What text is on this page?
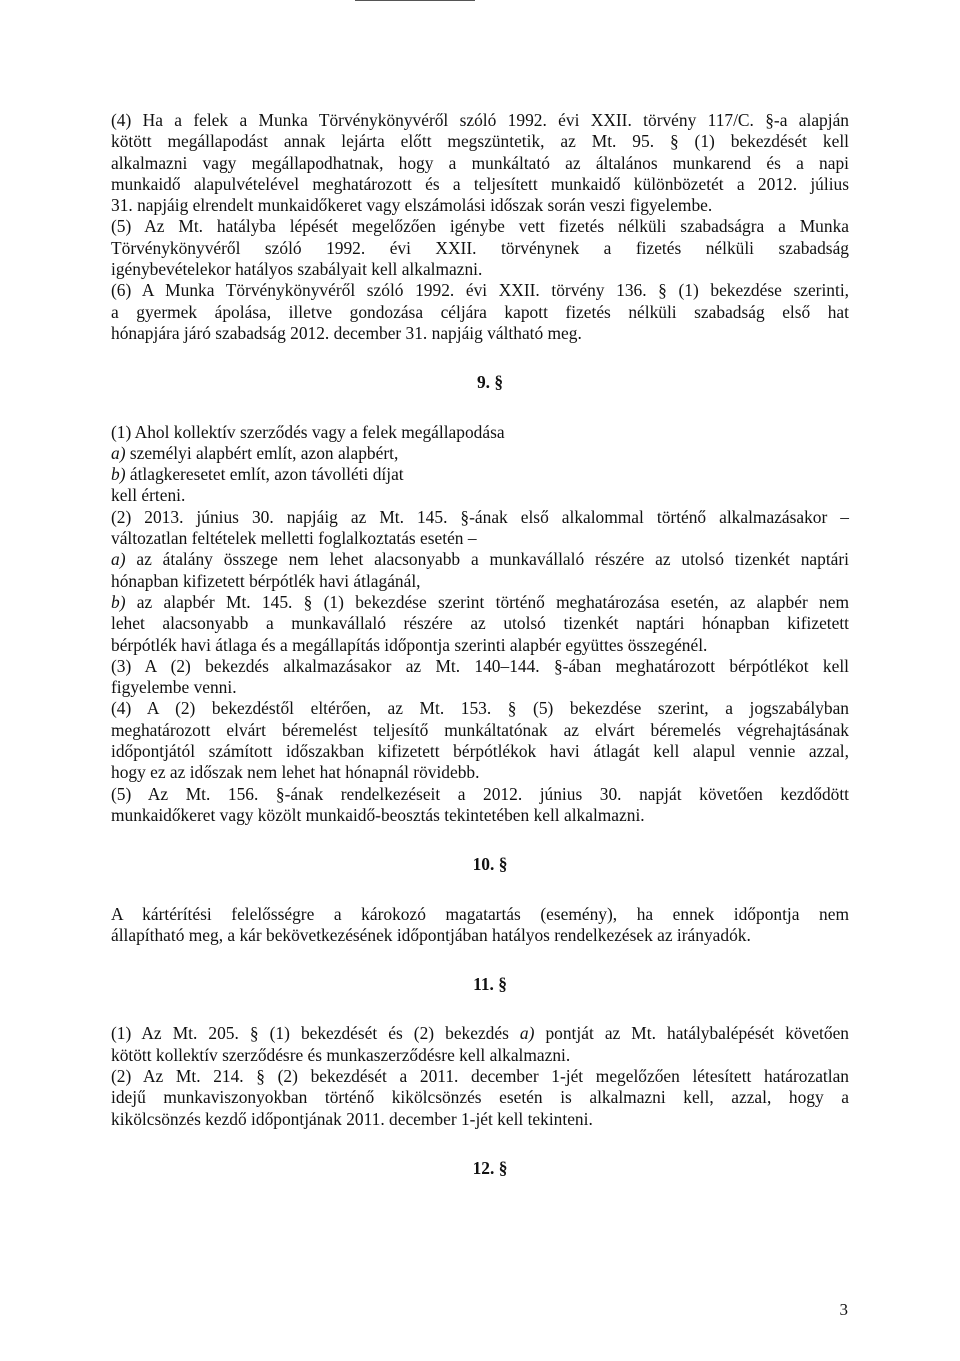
(4) Ha a felek a Munka Törvénykönyvéről szóló 1992. évi XXII. törvény 117/C. §-a alapján
kötött megállapodást annak lejárta előtt megszüntetik, az Mt. 95. § (1) bekezdését kell
alkalmazni vagy megállapodhatnak, hogy a munkáltató az általános munkarend és a napi
munkaidő alapulvételével meghatározott és a teljesített munkaidő különbözetét a 2012. július
31. napjáig elrendelt munkaidőkeret vagy elszámolási időszak során veszi figyelembe.
(5) Az Mt. hatályba lépését megelőzően igénybe vett fizetés nélküli szabadságra a Munka
Törvénykönyvéről szóló 1992. évi XXII. törvénynek a fizetés nélküli szabadság
igénybevételekor hatályos szabályait kell alkalmazni.
(6) A Munka Törvénykönyvéről szóló 1992. évi XXII. törvény 136. § (1) bekezdése szerinti,
a gyermek ápolása, illetve gondozása céljára kapott fizetés nélküli szabadság első hat
hónapjára járó szabadság 2012. december 31. napjáig váltható meg.
9. §
(1) Ahol kollektív szerződés vagy a felek megállapodása
a) személyi alapbért említ, azon alapbért,
b) átlagkeresetet említ, azon távolléti díjat
kell érteni.
(2) 2013. június 30. napjáig az Mt. 145. §-ának első alkalommal történő alkalmazásakor –
változatlan feltételek melletti foglalkoztatás esetén –
a) az átalány összege nem lehet alacsonyabb a munkavállaló részére az utolsó tizenkét naptári
hónapban kifizetett bérpótlék havi átlagánál,
b) az alapbér Mt. 145. § (1) bekezdése szerint történő meghatározása esetén, az alapbér nem
lehet alacsonyabb a munkavállaló részére az utolsó tizenkét naptári hónapban kifizetett
bérpótlék havi átlaga és a megállapítás időpontja szerinti alapbér együttes összegénél.
(3) A (2) bekezdés alkalmazásakor az Mt. 140–144. §-ában meghatározott bérpótlékot kell
figyelembe venni.
(4) A (2) bekezdéstől eltérően, az Mt. 153. § (5) bekezdése szerint, a jogszabályban
meghatározott elvárt béremelést teljesítő munkáltatónak az elvárt béremelés végrehajtásának
időpontjától számított időszakban kifizetett bérpótlékok havi átlagát kell alapul vennie azzal,
hogy ez az időszak nem lehet hat hónapnál rövidebb.
(5) Az Mt. 156. §-ának rendelkezéseit a 2012. június 30. napját követően kezdődött
munkaidőkeret vagy közölt munkaidő-beosztás tekintetében kell alkalmazni.
10. §
A kártérítési felelősségre a károkozó magatartás (esemény), ha ennek időpontja nem
állapítható meg, a kár bekövetkezésének időpontjában hatályos rendelkezések az irányadók.
11. §
(1) Az Mt. 205. § (1) bekezdését és (2) bekezdés a) pontját az Mt. hatálybalépését követően
kötött kollektív szerződésre és munkaszerződésre kell alkalmazni.
(2) Az Mt. 214. § (2) bekezdését a 2011. december 1-jét megelőzően létesített határozatlan
idejű munkaviszonyokban történő kikölcsönzés esetén is alkalmazni kell, azzal, hogy a
kikölcsönzés kezdő időpontjának 2011. december 1-jét kell tekinteni.
12. §
3
